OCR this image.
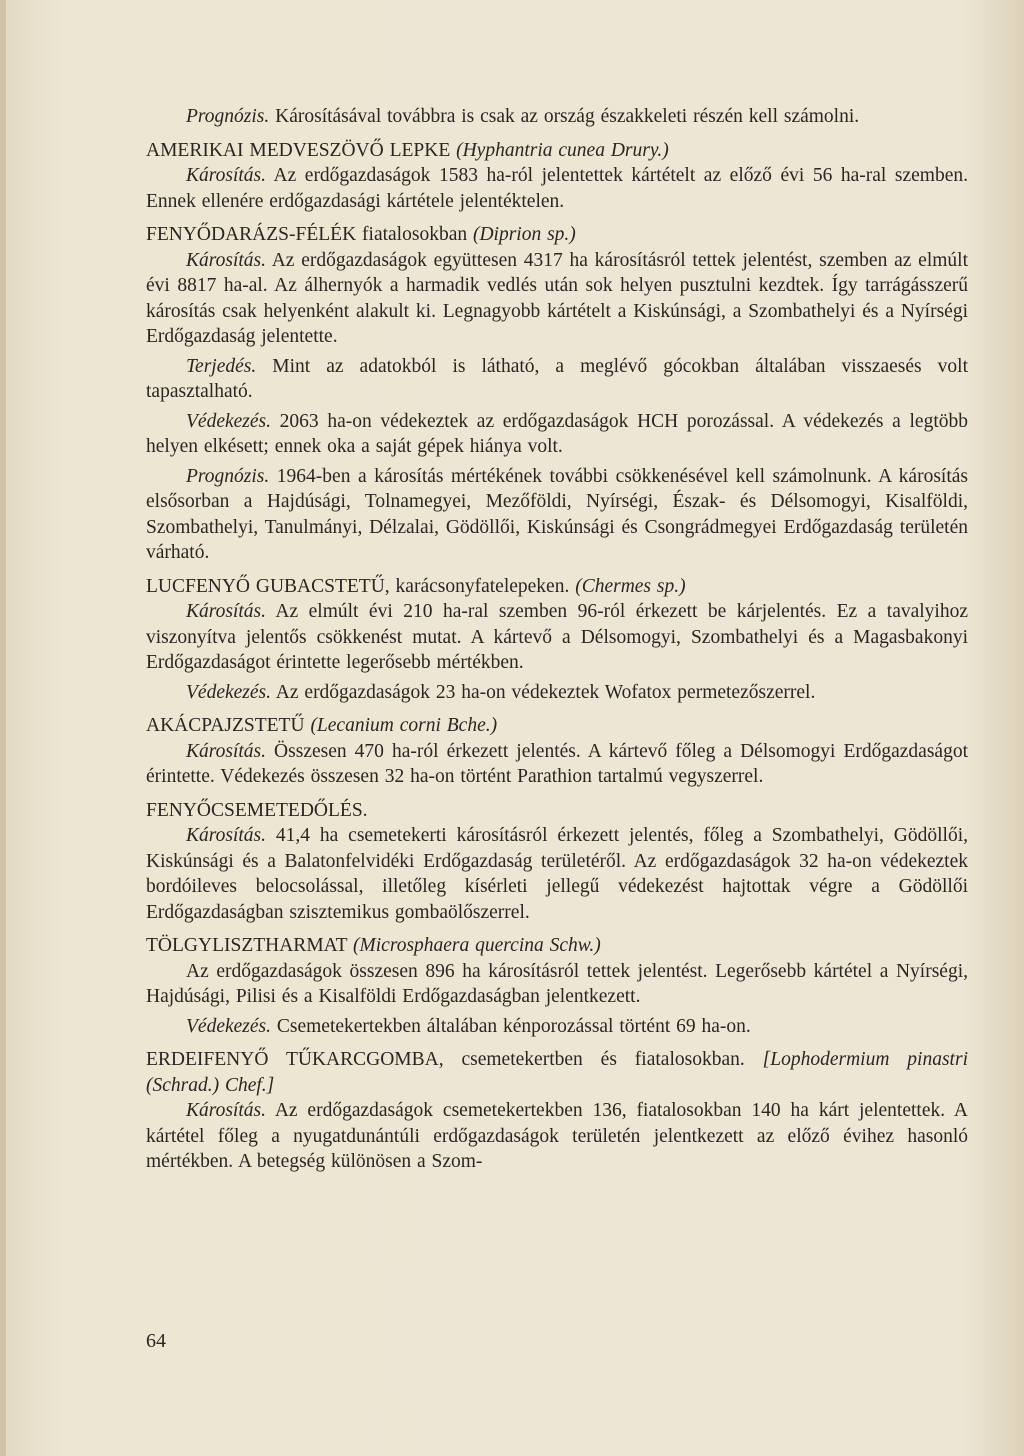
Prognózis. Károsításával továbbra is csak az ország északkeleti részén kell számolni.

AMERIKAI MEDVESZÖVŐ LEPKE (Hyphantria cunea Drury.)

Károsítás. Az erdőgazdaságok 1583 ha-ról jelentettek kártételt az előző évi 56 ha-ral szemben. Ennek ellenére erdőgazdasági kártétele jelentéktelen.

FENYŐDARÁZS-FÉLÉK fiatalosokban (Diprion sp.)

Károsítás. Az erdőgazdaságok együttesen 4317 ha károsításról tettek jelentést, szemben az elmúlt évi 8817 ha-al. Az álhernyók a harmadik vedlés után sok helyen pusztulni kezdtek. Így tarrágásszerű károsítás csak helyenként alakult ki. Legnagyobb kártételt a Kiskúnsági, a Szombathelyi és a Nyírségi Erdőgazdaság jelentette.

Terjedés. Mint az adatokból is látható, a meglévő gócokban általában visszaesés volt tapasztalható.

Védekezés. 2063 ha-on védekeztek az erdőgazdaságok HCH porozással. A védekezés a legtöbb helyen elkésett; ennek oka a saját gépek hiánya volt.

Prognózis. 1964-ben a károsítás mértékének további csökkenésével kell számolnunk. A károsítás elsősorban a Hajdúsági, Tolnamegyei, Mezőföldi, Nyírségi, Észak- és Délsomogyi, Kisalföldi, Szombathelyi, Tanulmányi, Délzalai, Gödöllői, Kiskúnsági és Csongrádmegyei Erdőgazdaság területén várható.

LUCFENYŐ GUBACSTETŰ, karácsonyfatelepeken. (Chermes sp.)

Károsítás. Az elmúlt évi 210 ha-ral szemben 96-ról érkezett be kárjelentés. Ez a tavalyihoz viszonyítva jelentős csökkenést mutat. A kártevő a Délsomogyi, Szombathelyi és a Magasbakonyi Erdőgazdaságot érintette legerősebb mértékben.

Védekezés. Az erdőgazdaságok 23 ha-on védekeztek Wofatox permetezőszerrel.

AKÁCPAJZSTETŰ (Lecanium corni Bche.)

Károsítás. Összesen 470 ha-ról érkezett jelentés. A kártevő főleg a Délsomogyi Erdőgazdaságot érintette. Védekezés összesen 32 ha-on történt Parathion tartalmú vegyszerrel.

FENYŐCSEMETEDŐLÉS.

Károsítás. 41,4 ha csemetekerti károsításról érkezett jelentés, főleg a Szombathelyi, Gödöllői, Kiskúnsági és a Balatonfelvidéki Erdőgazdaság területéről. Az erdőgazdaságok 32 ha-on védekeztek bordóileves belocsolással, illetőleg kísérleti jellegű védekezést hajtottak végre a Gödöllői Erdőgazdaságban szisztemikus gombaölőszerrel.

TÖLGYLISZTHARMAT (Microsphaera quercina Schw.)

Az erdőgazdaságok összesen 896 ha károsításról tettek jelentést. Legerősebb kártétel a Nyírségi, Hajdúsági, Pilisi és a Kisalföldi Erdőgazdaságban jelentkezett.

Védekezés. Csemetekertekben általában kénporozással történt 69 ha-on.

ERDEIFENYŐ TŰKARCGOMBA, csemetekertben és fiatalosokban. [Lophodermium pinastri (Schrad.) Chef.]

Károsítás. Az erdőgazdaságok csemetekertekben 136, fiatalosokban 140 ha kárt jelentettek. A kártétel főleg a nyugatdunántúli erdőgazdaságok területén jelentkezett az előző évihez hasonló mértékben. A betegség különösen a Szom-

64
